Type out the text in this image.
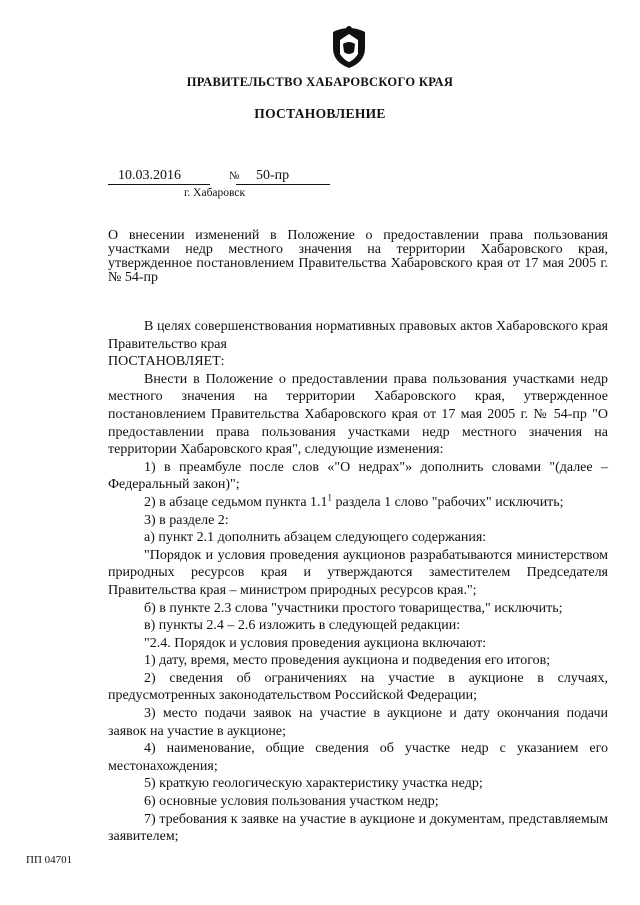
ПРАВИТЕЛЬСТВО ХАБАРОВСКОГО КРАЯ
ПОСТАНОВЛЕНИЕ
10.03.2016	№	50-пр
г. Хабаровск
О внесении изменений в Положение о предоставлении права пользования участками недр местного значения на территории Хабаровского края, утвержденное постановлением Правительства Хабаровского края от 17 мая 2005 г. № 54-пр

В целях совершенствования нормативных правовых актов Хабаровского края Правительство края

ПОСТАНОВЛЯЕТ:

Внести в Положение о предоставлении права пользования участками недр местного значения на территории Хабаровского края, утвержденное постановлением Правительства Хабаровского края от 17 мая 2005 г. № 54-пр "О предоставлении права пользования участками недр местного значения на территории Хабаровского края", следующие изменения:

1) в преамбуле после слов «"О недрах"» дополнить словами "(далее – Федеральный закон)";

2) в абзаце седьмом пункта $1.1^1$ раздела 1 слово "рабочих" исключить;

3) в разделе 2:

а) пункт 2.1 дополнить абзацем следующего содержания:

"Порядок и условия проведения аукционов разрабатываются министерством природных ресурсов края и утверждаются заместителем Председателя Правительства края – министром природных ресурсов края.";

б) в пункте 2.3 слова "участники простого товарищества," исключить;

в) пункты 2.4 – 2.6 изложить в следующей редакции:

"2.4. Порядок и условия проведения аукциона включают:

1) дату, время, место проведения аукциона и подведения его итогов;

2) сведения об ограничениях на участие в аукционе в случаях, предусмотренных законодательством Российской Федерации;

3) место подачи заявок на участие в аукционе и дату окончания подачи заявок на участие в аукционе;

4) наименование, общие сведения об участке недр с указанием его местонахождения;

5) краткую геологическую характеристику участка недр;

6) основные условия пользования участком недр;

7) требования к заявке на участие в аукционе и документам, представляемым заявителем;

ПП 04701
